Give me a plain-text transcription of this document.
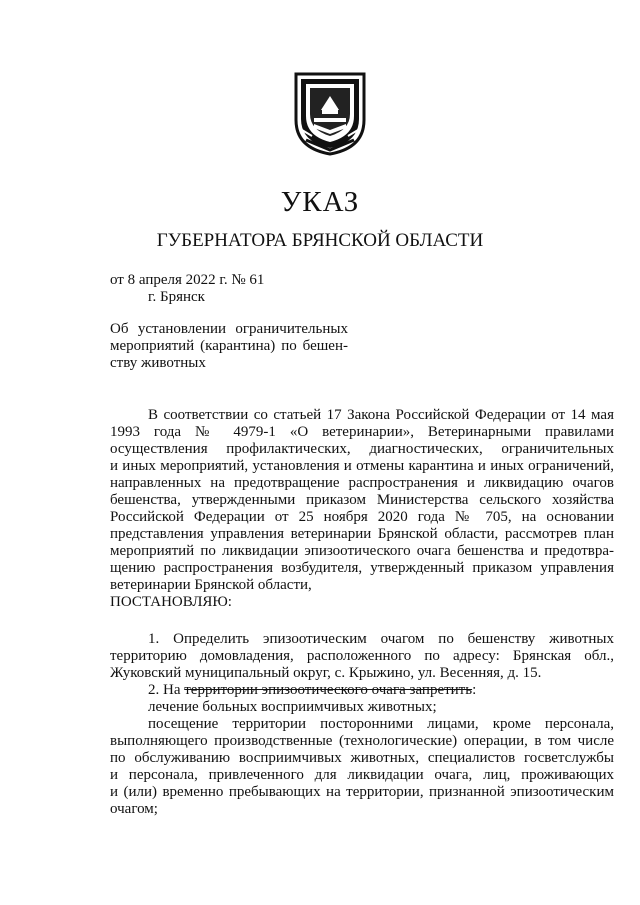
УКАЗ
ГУБЕРНАТОРА БРЯНСКОЙ ОБЛАСТИ
от 8 апреля 2022 г. № 61
г. Брянск
Об установлении ограничительных
мероприятий (карантина) по бешен-
ству животных
В соответствии со статьей 17 Закона Российской Федерации от 14 мая
1993 года № 4979-1 «О ветеринарии», Ветеринарными правилами
осуществления профилактических, диагностических, ограничительных
и иных мероприятий, установления и отмены карантина и иных ограничений,
направленных на предотвращение распространения и ликвидацию очагов
бешенства, утвержденными приказом Министерства сельского хозяйства
Российской Федерации от 25 ноября 2020 года № 705, на основании
представления управления ветеринарии Брянской области, рассмотрев план
мероприятий по ликвидации эпизоотического очага бешенства и предотвра-
щению распространения возбудителя, утвержденный приказом управления
ветеринарии Брянской области,
ПОСТАНОВЛЯЮ:
1. Определить эпизоотическим очагом по бешенству животных
территорию домовладения, расположенного по адресу: Брянская обл.,
Жуковский муниципальный округ, с. Крыжино, ул. Весенняя, д. 15.
2. На территории эпизоотического очага запретить:
лечение больных восприимчивых животных;
посещение территории посторонними лицами, кроме персонала,
выполняющего производственные (технологические) операции, в том числе
по обслуживанию восприимчивых животных, специалистов госветслужбы
и персонала, привлеченного для ликвидации очага, лиц, проживающих
и (или) временно пребывающих на территории, признанной эпизоотическим
очагом;
